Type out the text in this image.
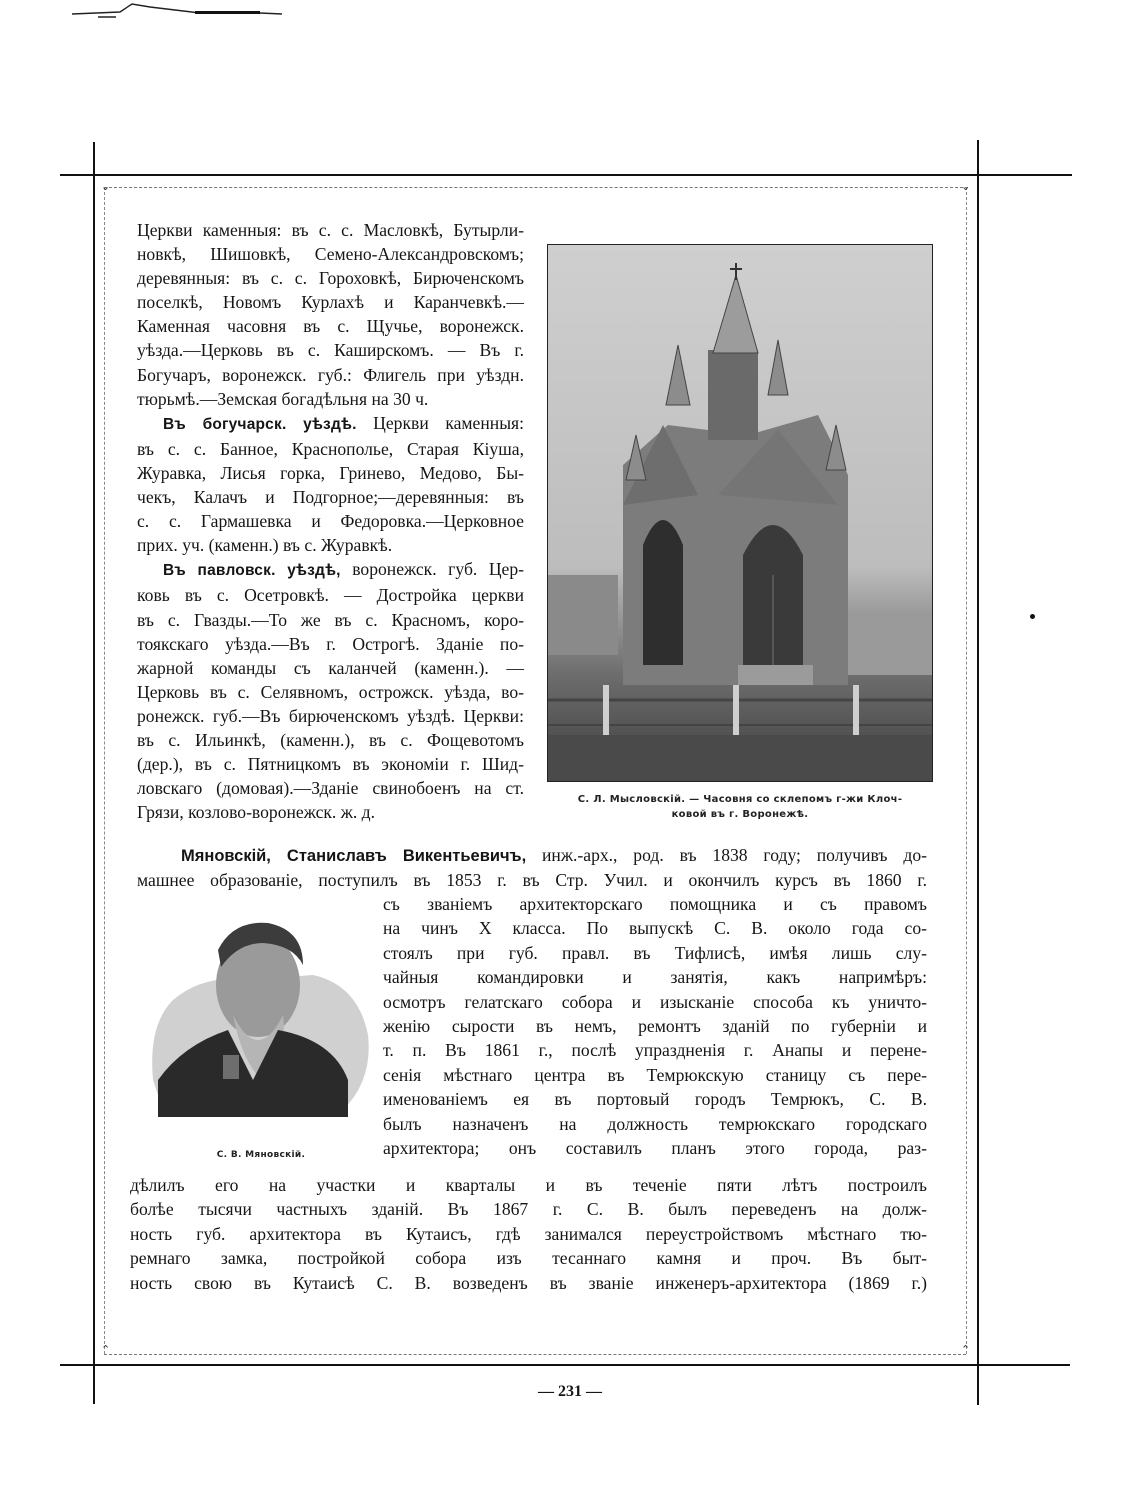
⌄	⌄
⌃	⌃
Церкви каменныя: въ с. с. Масловкѣ, Бутырли-
новкѣ, Шишовкѣ, Семено-Александровскомъ;
деревянныя: въ с. с. Гороховкѣ, Бирюченскомъ
поселкѣ, Новомъ Курлахѣ и Каранчевкѣ.—
Каменная часовня въ с. Щучье, воронежск.
уѣзда.—Церковь въ с. Каширскомъ. — Въ г.
Богучаръ, воронежск. губ.: Флигель при уѣздн.
тюрьмѣ.—Земская богадѣльня на 30 ч.
Въ богучарск. уѣздѣ. Церкви каменныя:
въ с. с. Банное, Краснополье, Старая Кіуша,
Журавка, Лисья горка, Гринево, Медово, Бы-
чекъ, Калачъ и Подгорное;—деревянныя: въ
с. с. Гармашевка и Федоровка.—Церковное
прих. уч. (каменн.) въ с. Журавкѣ.
Въ павловск. уѣздѣ, воронежск. губ. Цер-
ковь въ с. Осетровкѣ. — Достройка церкви
въ с. Гвазды.—То же въ с. Красномъ, коро-
тоякскаго уѣзда.—Въ г. Острогѣ. Зданіе по-
жарной команды съ каланчей (каменн.). —
Церковь въ с. Селявномъ, острожск. уѣзда, во-
ронежск. губ.—Въ бирюченскомъ уѣздѣ. Церкви:
въ с. Ильинкѣ, (каменн.), въ с. Фощевотомъ
(дер.), въ с. Пятницкомъ въ экономіи г. Шид-
ловскаго (домовая).—Зданіе свинобоенъ на ст.
Грязи, козлово-воронежск. ж. д.
С. Л. Мысловскій. — Часовня со склепомъ г-жи Клоч-
ковой въ г. Воронежѣ.
Мяновскій, Станиславъ Викентьевичъ, инж.-арх., род. въ 1838 году; получивъ до-
машнее образованіе, поступилъ въ 1853 г. въ Стр. Учил. и окончилъ курсъ въ 1860 г.
С. В. Мяновскій.
съ званіемъ архитекторскаго помощника и съ правомъ
на чинъ X класса. По выпускѣ С. В. около года со-
стоялъ при губ. правл. въ Тифлисѣ, имѣя лишь слу-
чайныя командировки и занятія, какъ напримѣръ:
осмотръ гелатскаго собора и изысканіе способа къ уничто-
женію сырости въ немъ, ремонтъ зданій по губерніи и
т. п. Въ 1861 г., послѣ упраздненія г. Анапы и перене-
сенія мѣстнаго центра въ Темрюкскую станицу съ пере-
именованіемъ ея въ портовый городъ Темрюкъ, С. В.
былъ назначенъ на должность темрюкскаго городскаго
архитектора; онъ составилъ планъ этого города, раз-
дѣлилъ его на участки и кварталы и въ теченіе пяти лѣтъ построилъ
болѣе тысячи частныхъ зданій. Въ 1867 г. С. В. былъ переведенъ на долж-
ность губ. архитектора въ Кутаисъ, гдѣ занимался переустройствомъ мѣстнаго тю-
ремнаго замка, постройкой собора изъ тесаннаго камня и проч. Въ быт-
ность свою въ Кутаисѣ С. В. возведенъ въ званіе инженеръ-архитектора (1869 г.)
— 231 —
